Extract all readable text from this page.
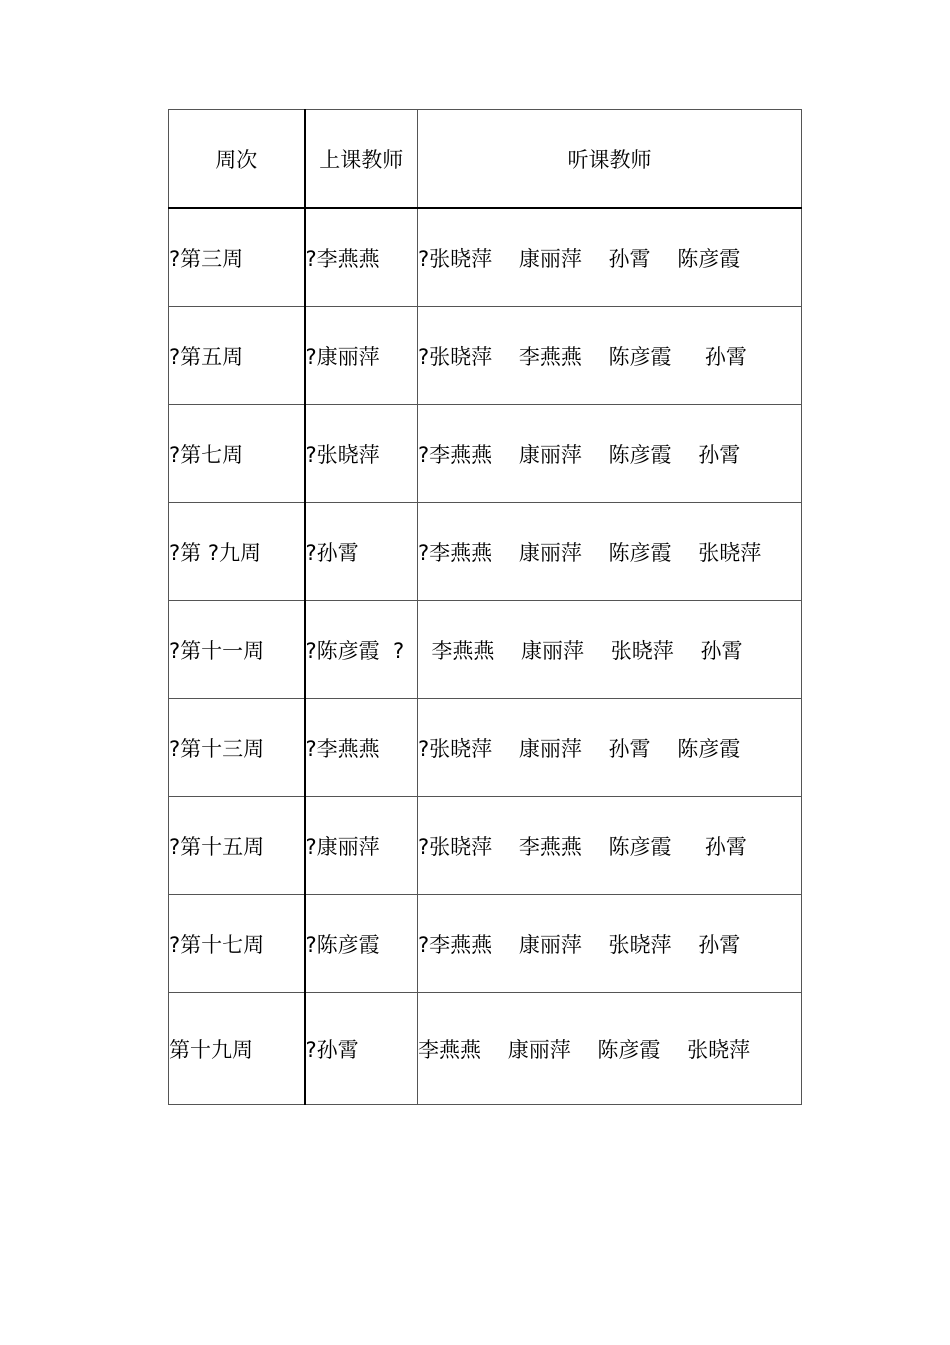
周次	上课教师	听课教师
?第三周	?李燕燕	?张晓萍    康丽萍    孙霄    陈彦霞
?第五周	?康丽萍	?张晓萍    李燕燕    陈彦霞     孙霄
?第七周	?张晓萍	?李燕燕    康丽萍    陈彦霞    孙霄
?第 ?九周	?孙霄	?李燕燕    康丽萍    陈彦霞    张晓萍
?第十一周	?陈彦霞  ?	李燕燕    康丽萍    张晓萍    孙霄
?第十三周	?李燕燕	?张晓萍    康丽萍    孙霄    陈彦霞
?第十五周	?康丽萍	?张晓萍    李燕燕    陈彦霞     孙霄
?第十七周	?陈彦霞	?李燕燕    康丽萍    张晓萍    孙霄
第十九周	?孙霄	李燕燕    康丽萍    陈彦霞    张晓萍
